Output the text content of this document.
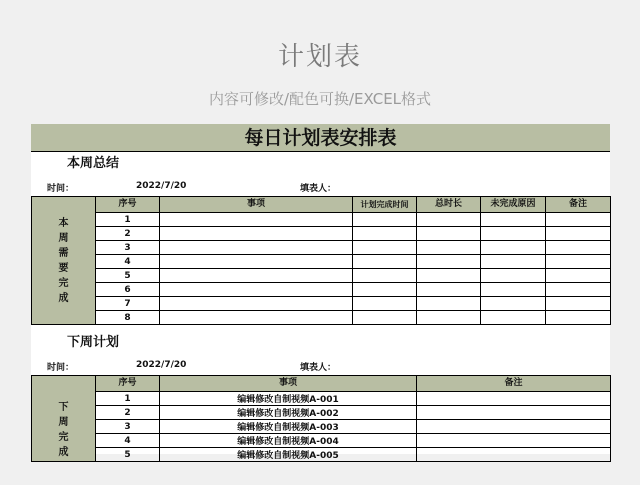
计划表
内容可修改/配色可换/EXCEL格式
每日计划表安排表
本周总结
时间：	2022/7/20	填表人：
本周需要完成	序号	事项	计划完成时间	总时长	未完成原因	备注
	1					
	2					
	3					
	4					
	5					
	6					
	7					
	8					
下周计划
时间：	2022/7/20	填表人：
下周完成	序号	事项	备注
	1	编辑修改自制视频A-001	
	2	编辑修改自制视频A-002	
	3	编辑修改自制视频A-003	
	4	编辑修改自制视频A-004	
	5	编辑修改自制视频A-005	
